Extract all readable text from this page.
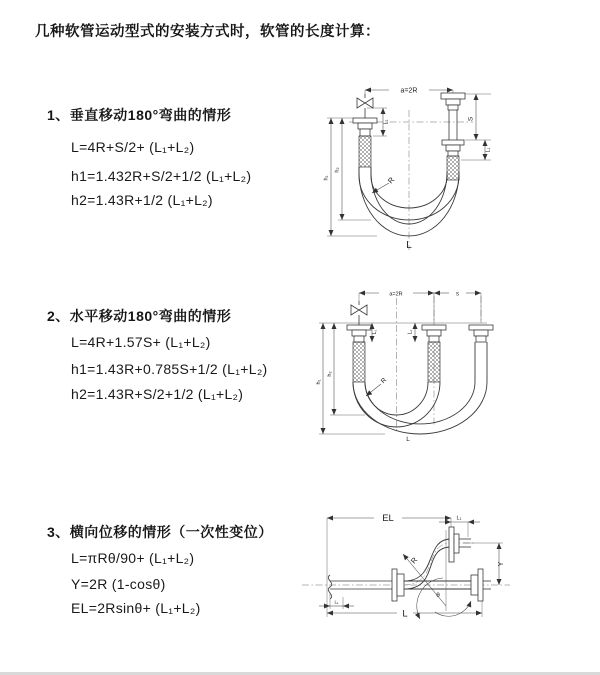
几种软管运动型式的安装方式时，软管的长度计算：
1、垂直移动180°弯曲的情形
L=4R+S/2+ (L₁+L₂)
h1=1.432R+S/2+1/2 (L₁+L₂)
h2=1.43R+1/2 (L₁+L₂)
2、水平移动180°弯曲的情形
L=4R+1.57S+ (L₁+L₂)
h1=1.43R+0.785S+1/2 (L₁+L₂)
h2=1.43R+S/2+1/2 (L₁+L₂)
3、横向位移的情形（一次性变位）
L=πRθ/90+ (L₁+L₂)
Y=2R (1-cosθ)
EL=2Rsinθ+ (L₁+L₂)
a=2R
S
L₁
L₁
h₁
h₂
R
L
a=2R	s
h₁
h₂
L₁	L₁
R
L
θ
R
EL	L₁
Y
L
L₁
